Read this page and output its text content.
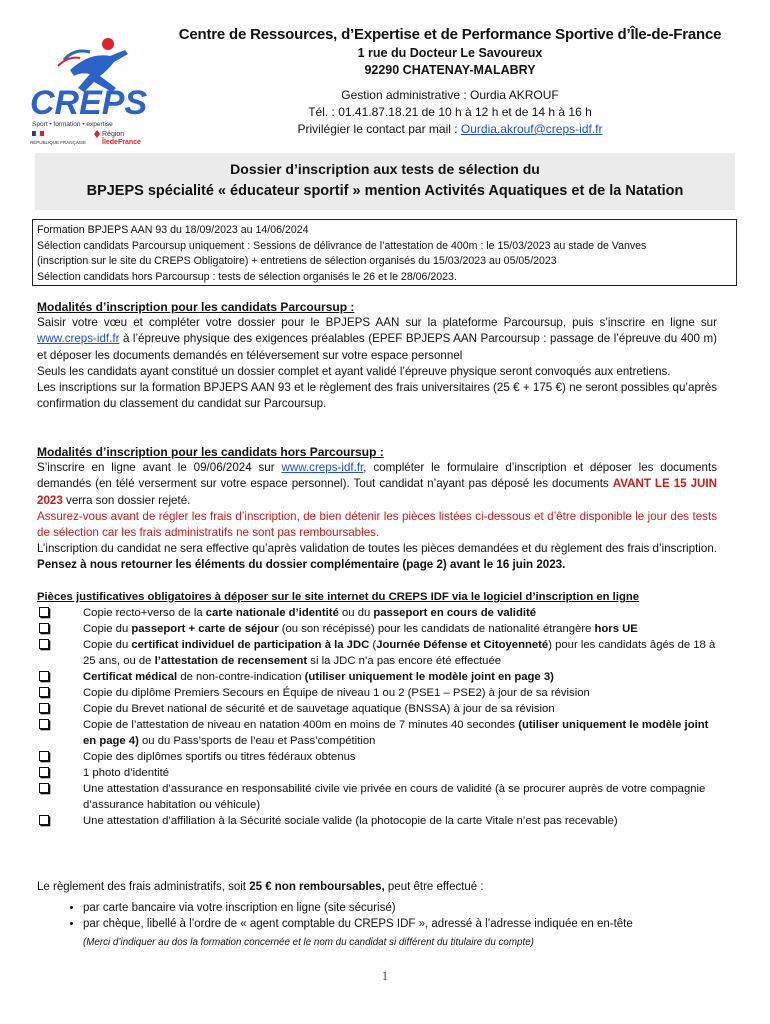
CREPS
Sport • formation • expertise
RÉPUBLIQUE FRANÇAISE
Région
ÎledeFrance
Centre de Ressources, d’Expertise et de Performance Sportive d’Île-de-France
1 rue du Docteur Le Savoureux
92290 CHATENAY-MALABRY
Gestion administrative : Ourdia AKROUF
Tél. : 01.41.87.18.21 de 10 h à 12 h et de 14 h à 16 h
Privilégier le contact par mail : Ourdia.akrouf@creps-idf.fr
Dossier d’inscription aux tests de sélection du
BPJEPS spécialité « éducateur sportif » mention Activités Aquatiques et de la Natation
Formation BPJEPS AAN 93 du 18/09/2023 au 14/06/2024
Sélection candidats Parcoursup uniquement : Sessions de délivrance de l’attestation de 400m : le 15/03/2023 au stade de Vanves
(inscription sur le site du CREPS Obligatoire) + entretiens de sélection organisés du 15/03/2023 au 05/05/2023
Sélection candidats hors Parcoursup : tests de sélection organisés le 26 et le 28/06/2023.
Modalités d’inscription pour les candidats Parcoursup :
Saisir votre vœu et compléter votre dossier pour le BPJEPS AAN sur la plateforme Parcoursup, puis s’inscrire en ligne sur www.creps-idf.fr à l’épreuve physique des exigences préalables (EPEF BPJEPS AAN Parcoursup : passage de l’épreuve du 400 m) et déposer les documents demandés en téléversement sur votre espace personnel
Seuls les candidats ayant constitué un dossier complet et ayant validé l’épreuve physique seront convoqués aux entretiens.
Les inscriptions sur la formation BPJEPS AAN 93 et le règlement des frais universitaires (25 € + 175 €) ne seront possibles qu’après confirmation du classement du candidat sur Parcoursup.
Modalités d’inscription pour les candidats hors Parcoursup :
S’inscrire en ligne avant le 09/06/2024 sur www.creps-idf.fr, compléter le formulaire d’inscription et déposer les documents demandés (en télé verserment sur votre espace personnel). Tout candidat n’ayant pas déposé les documents AVANT LE 15 JUIN 2023 verra son dossier rejeté.
Assurez-vous avant de régler les frais d’inscription, de bien détenir les pièces listées ci-dessous et d’être disponible le jour des tests de sélection car les frais administratifs ne sont pas remboursables.
L’inscription du candidat ne sera effective qu’après validation de toutes les pièces demandées et du règlement des frais d’inscription. Pensez à nous retourner les éléments du dossier complémentaire (page 2) avant le 16 juin 2023.
Pièces justificatives obligatoires à déposer sur le site internet du CREPS IDF via le logiciel d’inscription en ligne
Copie recto+verso de la carte nationale d’identité ou du passeport en cours de validité
Copie du passeport + carte de séjour (ou son récépissé) pour les candidats de nationalité étrangère hors UE
Copie du certificat individuel de participation à la JDC (Journée Défense et Citoyenneté) pour les candidats âgés de 18 à 25 ans, ou de l’attestation de recensement si la JDC n’a pas encore été effectuée
Certificat médical de non-contre-indication (utiliser uniquement le modèle joint en page 3)
Copie du diplôme Premiers Secours en Équipe de niveau 1 ou 2 (PSE1 – PSE2) à jour de sa révision
Copie du Brevet national de sécurité et de sauvetage aquatique (BNSSA) à jour de sa révision
Copie de l’attestation de niveau en natation 400m en moins de 7 minutes 40 secondes (utiliser uniquement le modèle joint en page 4) ou du Pass’sports de l’eau et Pass’compétition
Copie des diplômes sportifs ou titres fédéraux obtenus
1 photo d’identité
Une attestation d’assurance en responsabilité civile vie privée en cours de validité (à se procurer auprès de votre compagnie d’assurance habitation ou véhicule)
Une attestation d’affiliation à la Sécurité sociale valide (la photocopie de la carte Vitale n’est pas recevable)
Le règlement des frais administratifs, soit 25 € non remboursables, peut être effectué :
• par carte bancaire via votre inscription en ligne (site sécurisé)
• par chèque, libellé à l’ordre de « agent comptable du CREPS IDF », adressé à l’adresse indiquée en en-tête
(Merci d’indiquer au dos la formation concernée et le nom du candidat si différent du titulaire du compte)
1
